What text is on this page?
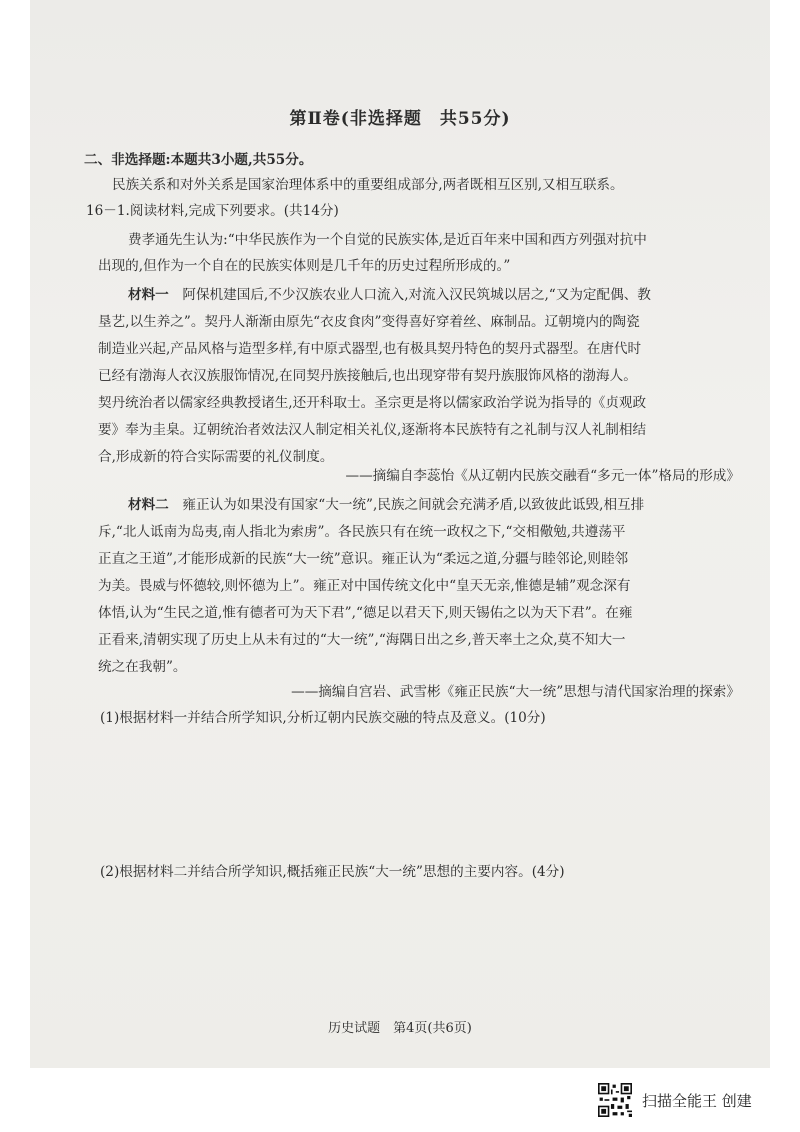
第Ⅱ卷(非选择题　共55分)
二、非选择题:本题共3小题,共55分。
民族关系和对外关系是国家治理体系中的重要组成部分,两者既相互区别,又相互联系。
16－1.阅读材料,完成下列要求。(共14分)
费孝通先生认为:“中华民族作为一个自觉的民族实体,是近百年来中国和西方列强对抗中
出现的,但作为一个自在的民族实体则是几千年的历史过程所形成的。”
材料一　 阿保机建国后,不少汉族农业人口流入,对流入汉民筑城以居之,“又为定配偶、教
垦艺,以生养之”。契丹人渐渐由原先“衣皮食肉”变得喜好穿着丝、麻制品。辽朝境内的陶瓷
制造业兴起,产品风格与造型多样,有中原式器型,也有极具契丹特色的契丹式器型。在唐代时
已经有渤海人衣汉族服饰情况,在同契丹族接触后,也出现穿带有契丹族服饰风格的渤海人。
契丹统治者以儒家经典教授诸生,还开科取士。圣宗更是将以儒家政治学说为指导的《贞观政
要》奉为圭臬。辽朝统治者效法汉人制定相关礼仪,逐渐将本民族特有之礼制与汉人礼制相结
合,形成新的符合实际需要的礼仪制度。
——摘编自李蕊怡《从辽朝内民族交融看“多元一体”格局的形成》
材料二　 雍正认为如果没有国家“大一统”,民族之间就会充满矛盾,以致彼此诋毁,相互排
斥,“北人诋南为岛夷,南人指北为索虏”。各民族只有在统一政权之下,“交相儆勉,共遵荡平
正直之王道”,才能形成新的民族“大一统”意识。雍正认为“柔远之道,分疆与睦邻论,则睦邻
为美。畏威与怀德较,则怀德为上”。雍正对中国传统文化中“皇天无亲,惟德是辅”观念深有
体悟,认为“生民之道,惟有德者可为天下君”,“德足以君天下,则天锡佑之以为天下君”。在雍
正看来,清朝实现了历史上从未有过的“大一统”,“海隅日出之乡,普天率土之众,莫不知大一
统之在我朝”。
——摘编自宫岩、武雪彬《雍正民族“大一统”思想与清代国家治理的探索》
(1)根据材料一并结合所学知识,分析辽朝内民族交融的特点及意义。(10分)
(2)根据材料二并结合所学知识,概括雍正民族“大一统”思想的主要内容。(4分)
历史试题　第4页(共6页)
扫描全能王 创建
